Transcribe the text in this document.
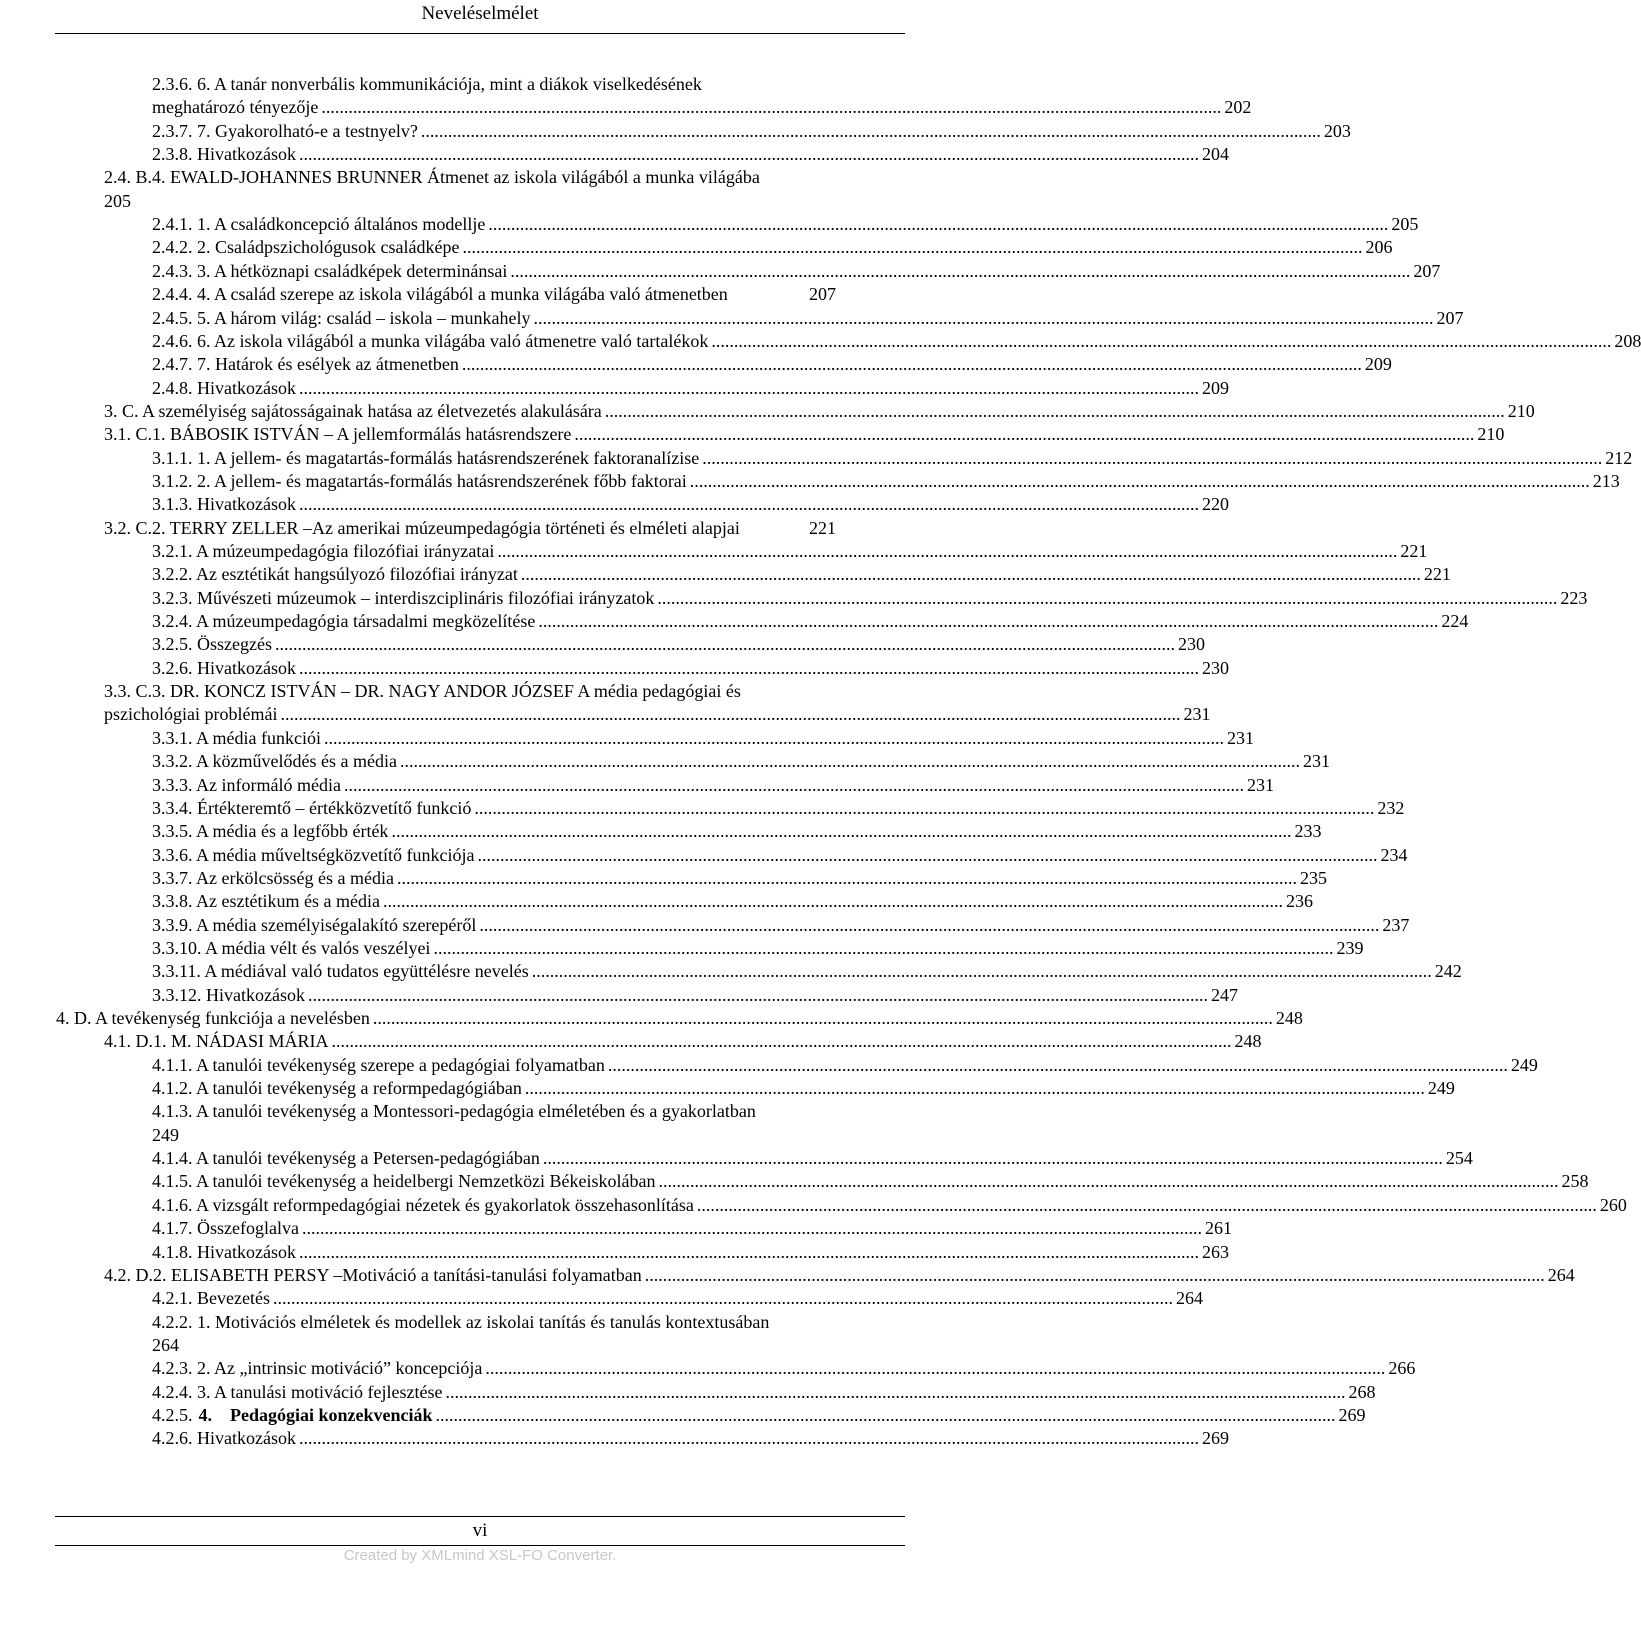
Neveléselmélet
2.3.6. 6. A tanár nonverbális kommunikációja, mint a diákok viselkedésének
meghatározó tényezője ........................................................................................................................................................................................................ 202
2.3.7. 7. Gyakorolható-e a testnyelv? ........................................................................................................................................................................................................ 203
2.3.8. Hivatkozások ........................................................................................................................................................................................................ 204
2.4. B.4. EWALD-JOHANNES BRUNNER Átmenet az iskola világából a munka világába
205
2.4.1. 1. A családkoncepció általános modellje ........................................................................................................................................................................................................ 205
2.4.2. 2. Családpszichológusok családképe ........................................................................................................................................................................................................ 206
2.4.3. 3. A hétköznapi családképek determinánsai ........................................................................................................................................................................................................ 207
2.4.4. 4. A család szerepe az iskola világából a munka világába való átmenetben	207
2.4.5. 5. A három világ: család – iskola – munkahely ........................................................................................................................................................................................................ 207
2.4.6. 6. Az iskola világából a munka világába való átmenetre való tartalékok ........................................................................................................................................................................................................ 208
2.4.7. 7. Határok és esélyek az átmenetben ........................................................................................................................................................................................................ 209
2.4.8. Hivatkozások ........................................................................................................................................................................................................ 209
3. C. A személyiség sajátosságainak hatása az életvezetés alakulására ........................................................................................................................................................................................................ 210
3.1. C.1. BÁBOSIK ISTVÁN – A jellemformálás hatásrendszere ........................................................................................................................................................................................................ 210
3.1.1. 1. A jellem- és magatartás-formálás hatásrendszerének faktoranalízise ........................................................................................................................................................................................................ 212
3.1.2. 2. A jellem- és magatartás-formálás hatásrendszerének főbb faktorai ........................................................................................................................................................................................................ 213
3.1.3. Hivatkozások ........................................................................................................................................................................................................ 220
3.2. C.2. TERRY ZELLER –Az amerikai múzeumpedagógia történeti és elméleti alapjai	221
3.2.1. A múzeumpedagógia filozófiai irányzatai ........................................................................................................................................................................................................ 221
3.2.2. Az esztétikát hangsúlyozó filozófiai irányzat ........................................................................................................................................................................................................ 221
3.2.3. Művészeti múzeumok – interdiszciplináris filozófiai irányzatok ........................................................................................................................................................................................................ 223
3.2.4. A múzeumpedagógia társadalmi megközelítése ........................................................................................................................................................................................................ 224
3.2.5. Összegzés ........................................................................................................................................................................................................ 230
3.2.6. Hivatkozások ........................................................................................................................................................................................................ 230
3.3. C.3. DR. KONCZ ISTVÁN – DR. NAGY ANDOR JÓZSEF A média pedagógiai és
pszichológiai problémái ........................................................................................................................................................................................................ 231
3.3.1. A média funkciói ........................................................................................................................................................................................................ 231
3.3.2. A közművelődés és a média ........................................................................................................................................................................................................ 231
3.3.3. Az informáló média ........................................................................................................................................................................................................ 231
3.3.4. Értékteremtő – értékközvetítő funkció ........................................................................................................................................................................................................ 232
3.3.5. A média és a legfőbb érték ........................................................................................................................................................................................................ 233
3.3.6. A média műveltségközvetítő funkciója ........................................................................................................................................................................................................ 234
3.3.7. Az erkölcsösség és a média ........................................................................................................................................................................................................ 235
3.3.8. Az esztétikum és a média ........................................................................................................................................................................................................ 236
3.3.9. A média személyiségalakító szerepéről ........................................................................................................................................................................................................ 237
3.3.10. A média vélt és valós veszélyei ........................................................................................................................................................................................................ 239
3.3.11. A médiával való tudatos együttélésre nevelés ........................................................................................................................................................................................................ 242
3.3.12. Hivatkozások ........................................................................................................................................................................................................ 247
4. D. A tevékenység funkciója a nevelésben ........................................................................................................................................................................................................ 248
4.1. D.1. M. NÁDASI MÁRIA ........................................................................................................................................................................................................ 248
4.1.1. A tanulói tevékenység szerepe a pedagógiai folyamatban ........................................................................................................................................................................................................ 249
4.1.2. A tanulói tevékenység a reformpedagógiában ........................................................................................................................................................................................................ 249
4.1.3. A tanulói tevékenység a Montessori-pedagógia elméletében és a gyakorlatban
249
4.1.4. A tanulói tevékenység a Petersen-pedagógiában ........................................................................................................................................................................................................ 254
4.1.5. A tanulói tevékenység a heidelbergi Nemzetközi Békeiskolában ........................................................................................................................................................................................................ 258
4.1.6. A vizsgált reformpedagógiai nézetek és gyakorlatok összehasonlítása ........................................................................................................................................................................................................ 260
4.1.7. Összefoglalva ........................................................................................................................................................................................................ 261
4.1.8. Hivatkozások ........................................................................................................................................................................................................ 263
4.2. D.2. ELISABETH PERSY –Motiváció a tanítási-tanulási folyamatban ........................................................................................................................................................................................................ 264
4.2.1. Bevezetés ........................................................................................................................................................................................................ 264
4.2.2. 1. Motivációs elméletek és modellek az iskolai tanítás és tanulás kontextusában
264
4.2.3. 2. Az „intrinsic motiváció” koncepciója ........................................................................................................................................................................................................ 266
4.2.4. 3. A tanulási motiváció fejlesztése ........................................................................................................................................................................................................ 268
4.2.5. 4.    Pedagógiai konzekvenciák ........................................................................................................................................................................................................ 269
4.2.6. Hivatkozások ........................................................................................................................................................................................................ 269
vi
Created by XMLmind XSL-FO Converter.
